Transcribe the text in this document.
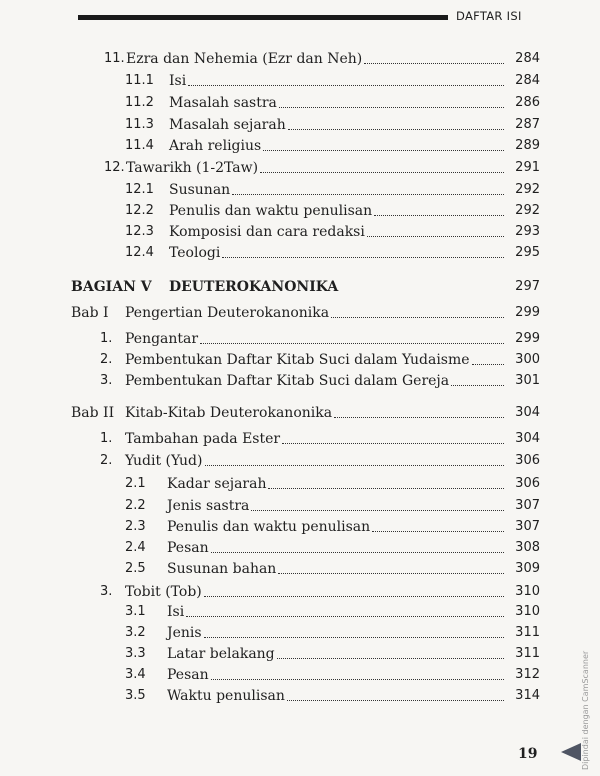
DAFTAR ISI
11. Ezra dan Nehemia (Ezr dan Neh)	284
11.1	Isi	284
11.2	Masalah sastra	286
11.3	Masalah sejarah	287
11.4	Arah religius	289
12. Tawarikh (1-2Taw)	291
12.1	Susunan	292
12.2	Penulis dan waktu penulisan	292
12.3	Komposisi dan cara redaksi	293
12.4	Teologi	295
BAGIAN V	DEUTEROKANONIKA	297
Bab I	Pengertian Deuterokanonika	299
1. Pengantar	299
2. Pembentukan Daftar Kitab Suci dalam Yudaisme	300
3. Pembentukan Daftar Kitab Suci dalam Gereja	301
Bab II Kitab-Kitab Deuterokanonika	304
1. Tambahan pada Ester	304
2. Yudit (Yud)	306
2.1	Kadar sejarah	306
2.2	Jenis sastra	307
2.3	Penulis dan waktu penulisan	307
2.4	Pesan	308
2.5	Susunan bahan	309
3. Tobit (Tob)	310
3.1	Isi	310
3.2	Jenis	311
3.3	Latar belakang	311
3.4	Pesan	312
3.5	Waktu penulisan	314
19	Dipindai dengan CamScanner
